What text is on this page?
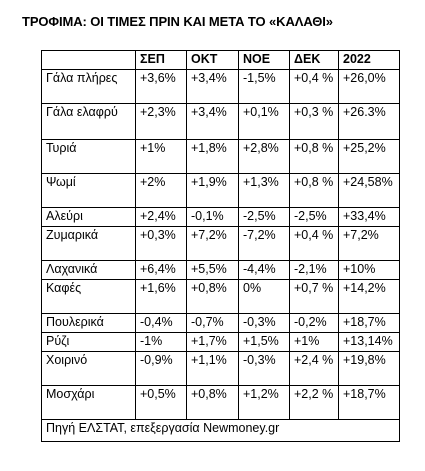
ΤΡΟΦΙΜΑ: ΟΙ ΤΙΜΕΣ ΠΡΙΝ ΚΑΙ ΜΕΤΑ ΤΟ «ΚΑΛΑΘΙ»
	ΣΕΠ	ΟΚΤ	ΝΟΕ	ΔΕΚ	2022
Γάλα πλήρες	+3,6%	+3,4%	-1,5%	+0,4 %	+26,0%
Γάλα ελαφρύ	+2,3%	+3,4%	+0,1%	+0,3 %	+26.3%
Τυριά	+1%	+1,8%	+2,8%	+0,8 %	+25,2%
Ψωμί	+2%	+1,9%	+1,3%	+0,8 %	+24,58%
Αλεύρι	+2,4%	-0,1%	-2,5%	-2,5%	+33,4%
Ζυμαρικά	+0,3%	+7,2%	-7,2%	+0,4 %	+7,2%
Λαχανικά	+6,4%	+5,5%	-4,4%	-2,1%	+10%
Καφές	+1,6%	+0,8%	0%	+0,7 %	+14,2%
Πουλερικά	-0,4%	-0,7%	-0,3%	-0,2%	+18,7%
Ρύζι	-1%	+1,7%	+1,5%	+1%	+13,14%
Χοιρινό	-0,9%	+1,1%	-0,3%	+2,4 %	+19,8%
Μοσχάρι	+0,5%	+0,8%	+1,2%	+2,2 %	+18,7%
Πηγή ΕΛΣΤΑΤ, επεξεργασία Newmoney.gr					
